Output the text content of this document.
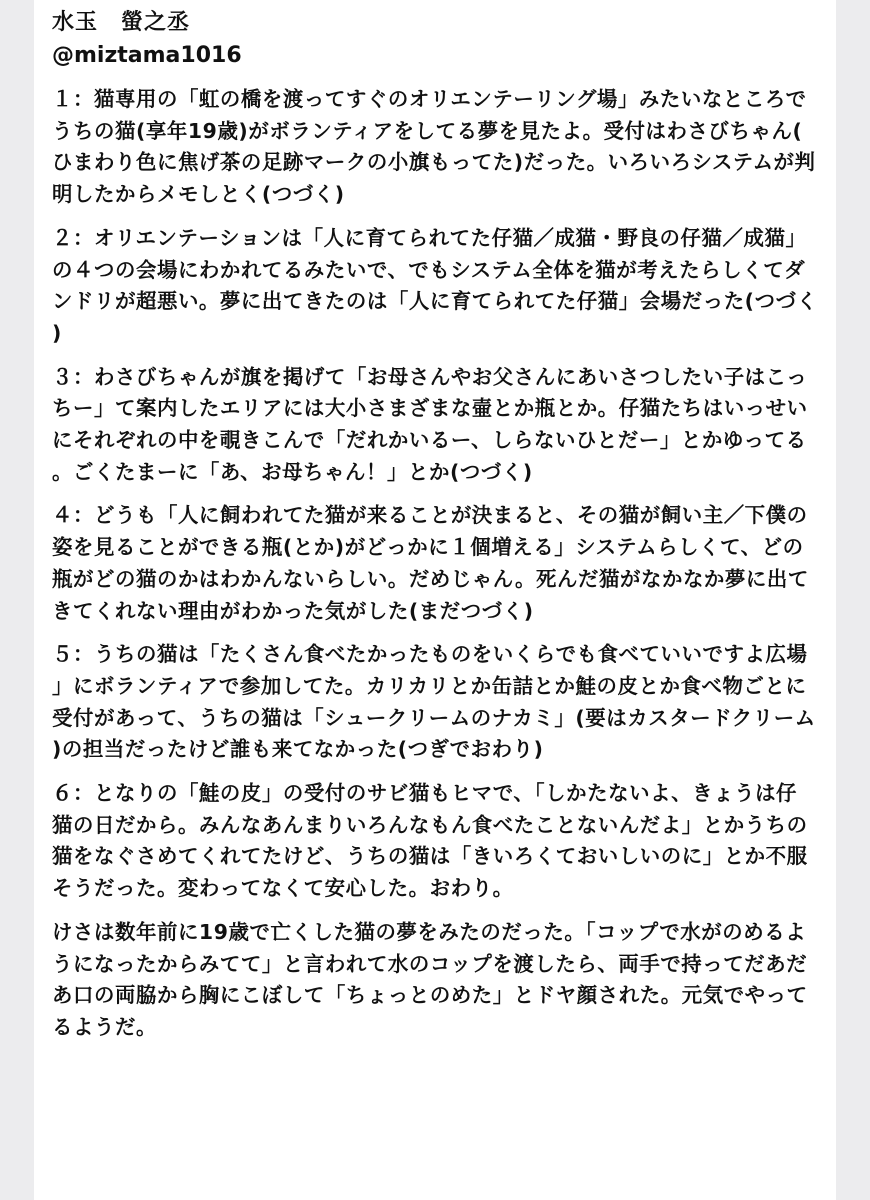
水玉　螢之丞
@miztama1016

１：猫専用の「虹の橋を渡ってすぐのオリエンテーリング場」みたいなところでうちの猫(享年19歳)がボランティアをしてる夢を見たよ。受付はわさびちゃん(ひまわり色に焦げ茶の足跡マークの小旗もってた)だった。いろいろシステムが判明したからメモしとく(つづく)

２：オリエンテーションは「人に育てられてた仔猫／成猫・野良の仔猫／成猫」の４つの会場にわかれてるみたいで、でもシステム全体を猫が考えたらしくてダンドリが超悪い。夢に出てきたのは「人に育てられてた仔猫」会場だった(つづく)

３：わさびちゃんが旗を掲げて「お母さんやお父さんにあいさつしたい子はこっちー」て案内したエリアには大小さまざまな壷とか瓶とか。仔猫たちはいっせいにそれぞれの中を覗きこんで「だれかいるー、しらないひとだー」とかゆってる。ごくたまーに「あ、お母ちゃん！」とか(つづく)

４：どうも「人に飼われてた猫が来ることが決まると、その猫が飼い主／下僕の姿を見ることができる瓶(とか)がどっかに１個増える」システムらしくて、どの瓶がどの猫のかはわかんないらしい。だめじゃん。死んだ猫がなかなか夢に出てきてくれない理由がわかった気がした(まだつづく)

５：うちの猫は「たくさん食べたかったものをいくらでも食べていいですよ広場」にボランティアで参加してた。カリカリとか缶詰とか鮭の皮とか食べ物ごとに受付があって、うちの猫は「シュークリームのナカミ」(要はカスタードクリーム)の担当だったけど誰も来てなかった(つぎでおわり)

６：となりの「鮭の皮」の受付のサビ猫もヒマで、「しかたないよ、きょうは仔猫の日だから。みんなあんまりいろんなもん食べたことないんだよ」とかうちの猫をなぐさめてくれてたけど、うちの猫は「きいろくておいしいのに」とか不服そうだった。変わってなくて安心した。おわり。

けさは数年前に19歳で亡くした猫の夢をみたのだった。「コップで水がのめるようになったからみてて」と言われて水のコップを渡したら、両手で持ってだあだあ口の両脇から胸にこぼして「ちょっとのめた」とドヤ顔された。元気でやってるようだ。
